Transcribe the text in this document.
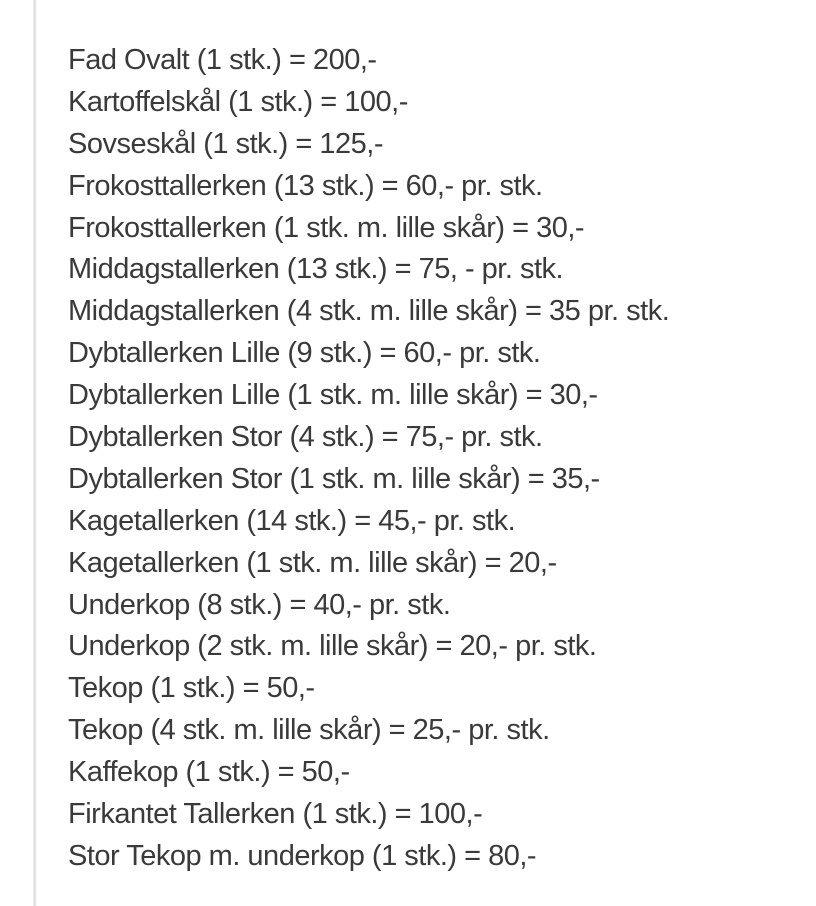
Fad Ovalt (1 stk.) = 200,-
Kartoffelskål (1 stk.) = 100,-
Sovseskål (1 stk.) = 125,-
Frokosttallerken (13 stk.) = 60,- pr. stk.
Frokosttallerken (1 stk. m. lille skår) = 30,-
Middagstallerken (13 stk.) = 75, - pr. stk.
Middagstallerken (4 stk. m. lille skår) = 35 pr. stk.
Dybtallerken Lille (9 stk.) = 60,- pr. stk.
Dybtallerken Lille (1 stk. m. lille skår) = 30,-
Dybtallerken Stor (4 stk.) = 75,- pr. stk.
Dybtallerken Stor (1 stk. m. lille skår) = 35,-
Kagetallerken (14 stk.) = 45,- pr. stk.
Kagetallerken (1 stk. m. lille skår) = 20,-
Underkop (8 stk.) = 40,- pr. stk.
Underkop (2 stk. m. lille skår) = 20,- pr. stk.
Tekop (1 stk.) = 50,-
Tekop (4 stk. m. lille skår) = 25,- pr. stk.
Kaffekop (1 stk.) = 50,-
Firkantet Tallerken (1 stk.) = 100,-
Stor Tekop m. underkop (1 stk.) = 80,-
